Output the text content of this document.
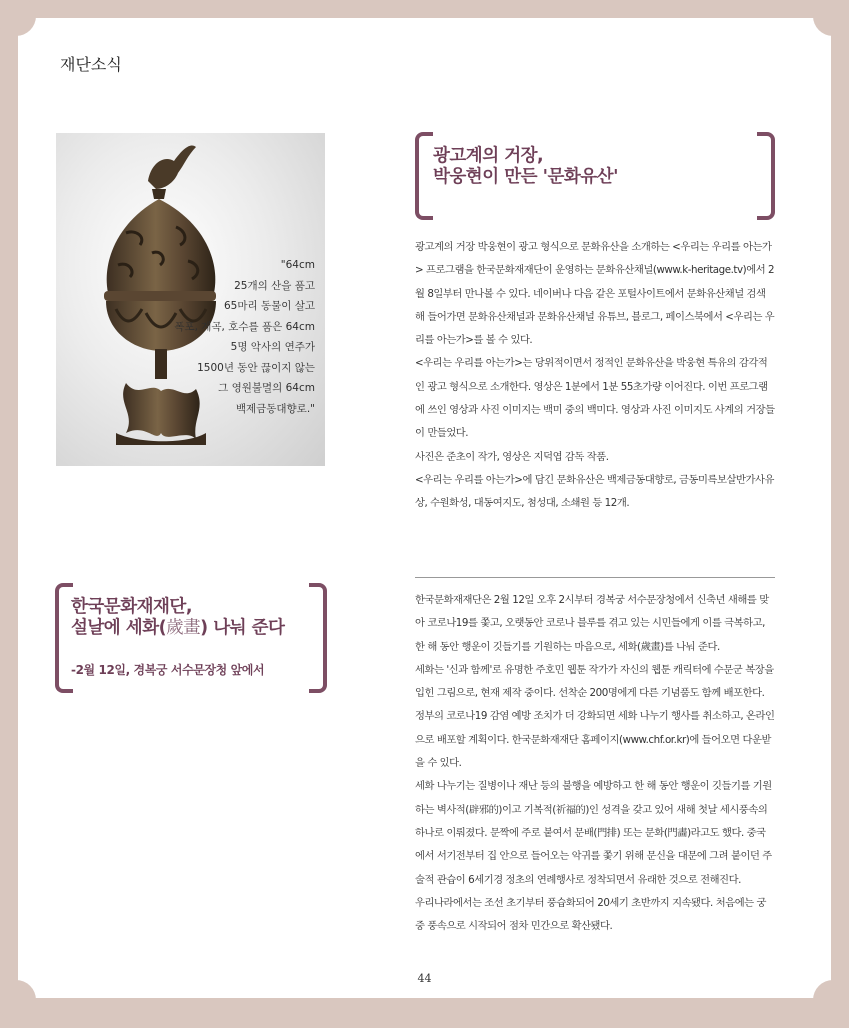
재단소식
"64cm
25개의 산을 품고
65마리 동물이 살고
폭포, 계곡, 호수를 품은 64cm
5명 악사의 연주가
1500년 동안 끊이지 않는
그 영원불멸의 64cm
백제금동대향로."
광고계의 거장,
박웅현이 만든 '문화유산'

광고계의 거장 박웅현이 광고 형식으로 문화유산을 소개하는 <우리는 우리를 아는가> 프로그램을 한국문화재재단이 운영하는 문화유산채널(www.k-heritage.tv)에서 2월 8일부터 만나볼 수 있다. 네이버나 다음 같은 포털사이트에서 문화유산채널 검색해 들어가면 문화유산채널과 문화유산채널 유튜브, 블로그, 페이스북에서 <우리는 우리를 아는가>를 볼 수 있다.

<우리는 우리를 아는가>는 당위적이면서 정적인 문화유산을 박웅현 특유의 감각적인 광고 형식으로 소개한다. 영상은 1분에서 1분 55초가량 이어진다. 이번 프로그램에 쓰인 영상과 사진 이미지는 백미 중의 백미다. 영상과 사진 이미지도 사계의 거장들이 만들었다.

사진은 준초이 작가, 영상은 지덕엽 감독 작품.

<우리는 우리를 아는가>에 담긴 문화유산은 백제금동대향로, 금동미륵보살반가사유상, 수원화성, 대동여지도, 첨성대, 소쇄원 등 12개.

한국문화재재단,
설날에 세화(歲畫) 나눠 준다
-2월 12일, 경복궁 서수문장청 앞에서

한국문화재재단은 2월 12일 오후 2시부터 경복궁 서수문장청에서 신축년 새해를 맞아 코로나19를 쫓고, 오랫동안 코로나 블루를 겪고 있는 시민들에게 이를 극복하고, 한 해 동안 행운이 깃들기를 기원하는 마음으로, 세화(歲畫)를 나눠 준다.

세화는 '신과 함께'로 유명한 주호민 웹툰 작가가 자신의 웹툰 캐릭터에 수문군 복장을 입힌 그림으로, 현재 제작 중이다. 선착순 200명에게 다른 기념품도 함께 배포한다.

정부의 코로나19 감염 예방 조치가 더 강화되면 세화 나누기 행사를 취소하고, 온라인으로 배포할 계획이다. 한국문화재재단 홈페이지(www.chf.or.kr)에 들어오면 다운받을 수 있다.

세화 나누기는 질병이나 재난 등의 불행을 예방하고 한 해 동안 행운이 깃들기를 기원하는 벽사적(辟邪的)이고 기복적(祈福的)인 성격을 갖고 있어 새해 첫날 세시풍속의 하나로 이뤄졌다. 문짝에 주로 붙여서 문배(門排) 또는 문화(門畵)라고도 했다. 중국에서 서기전부터 집 안으로 들어오는 악귀를 쫓기 위해 문신을 대문에 그려 붙이던 주술적 관습이 6세기경 정초의 연례행사로 정착되면서 유래한 것으로 전해진다.

우리나라에서는 조선 초기부터 풍습화되어 20세기 초반까지 지속됐다. 처음에는 궁중 풍속으로 시작되어 점차 민간으로 확산됐다.

44
